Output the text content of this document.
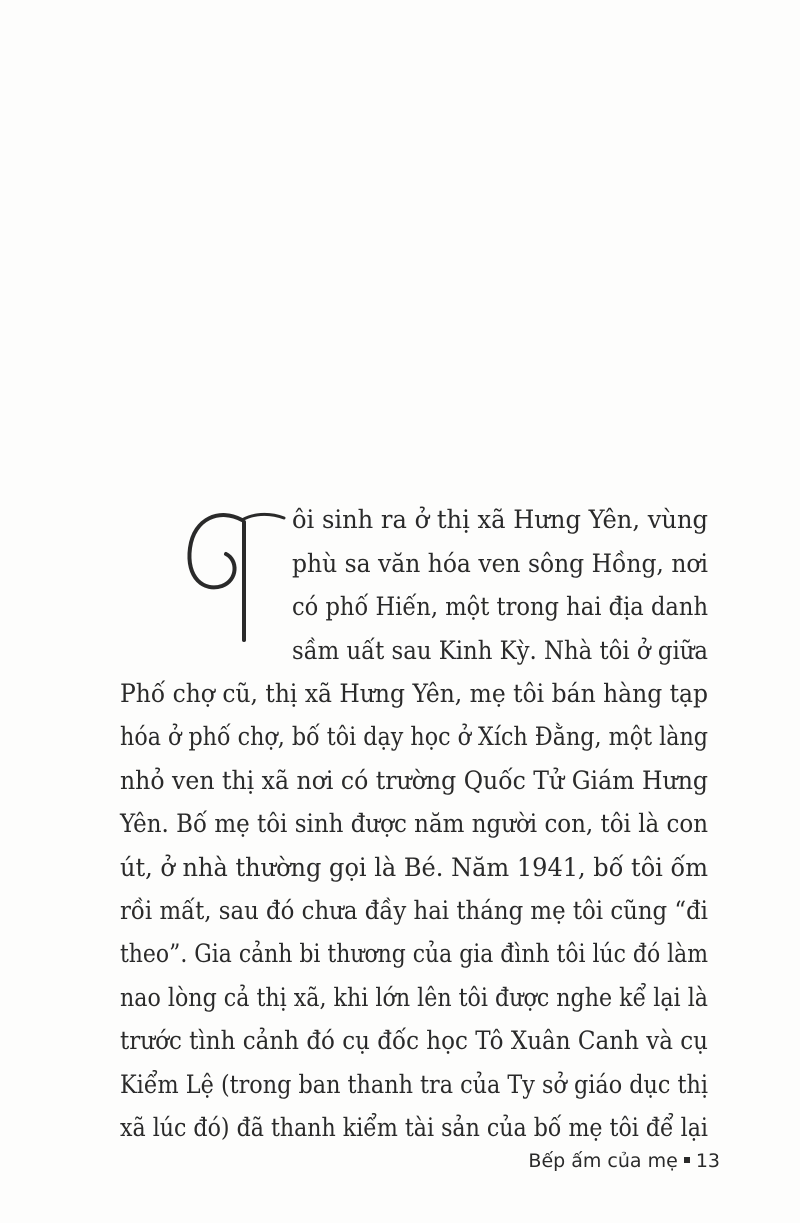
ôi sinh ra ở thị xã Hưng Yên, vùng
phù sa văn hóa ven sông Hồng, nơi
có phố Hiến, một trong hai địa danh
sầm uất sau Kinh Kỳ. Nhà tôi ở giữa
Phố chợ cũ, thị xã Hưng Yên, mẹ tôi bán hàng tạp
hóa ở phố chợ, bố tôi dạy học ở Xích Đằng, một làng
nhỏ ven thị xã nơi có trường Quốc Tử Giám Hưng
Yên. Bố mẹ tôi sinh được năm người con, tôi là con
út, ở nhà thường gọi là Bé. Năm 1941, bố tôi ốm
rồi mất, sau đó chưa đầy hai tháng mẹ tôi cũng “đi
theo”. Gia cảnh bi thương của gia đình tôi lúc đó làm
nao lòng cả thị xã, khi lớn lên tôi được nghe kể lại là
trước tình cảnh đó cụ đốc học Tô Xuân Canh và cụ
Kiểm Lệ (trong ban thanh tra của Ty sở giáo dục thị
xã lúc đó) đã thanh kiểm tài sản của bố mẹ tôi để lại
Bếp ấm của mẹ 13
